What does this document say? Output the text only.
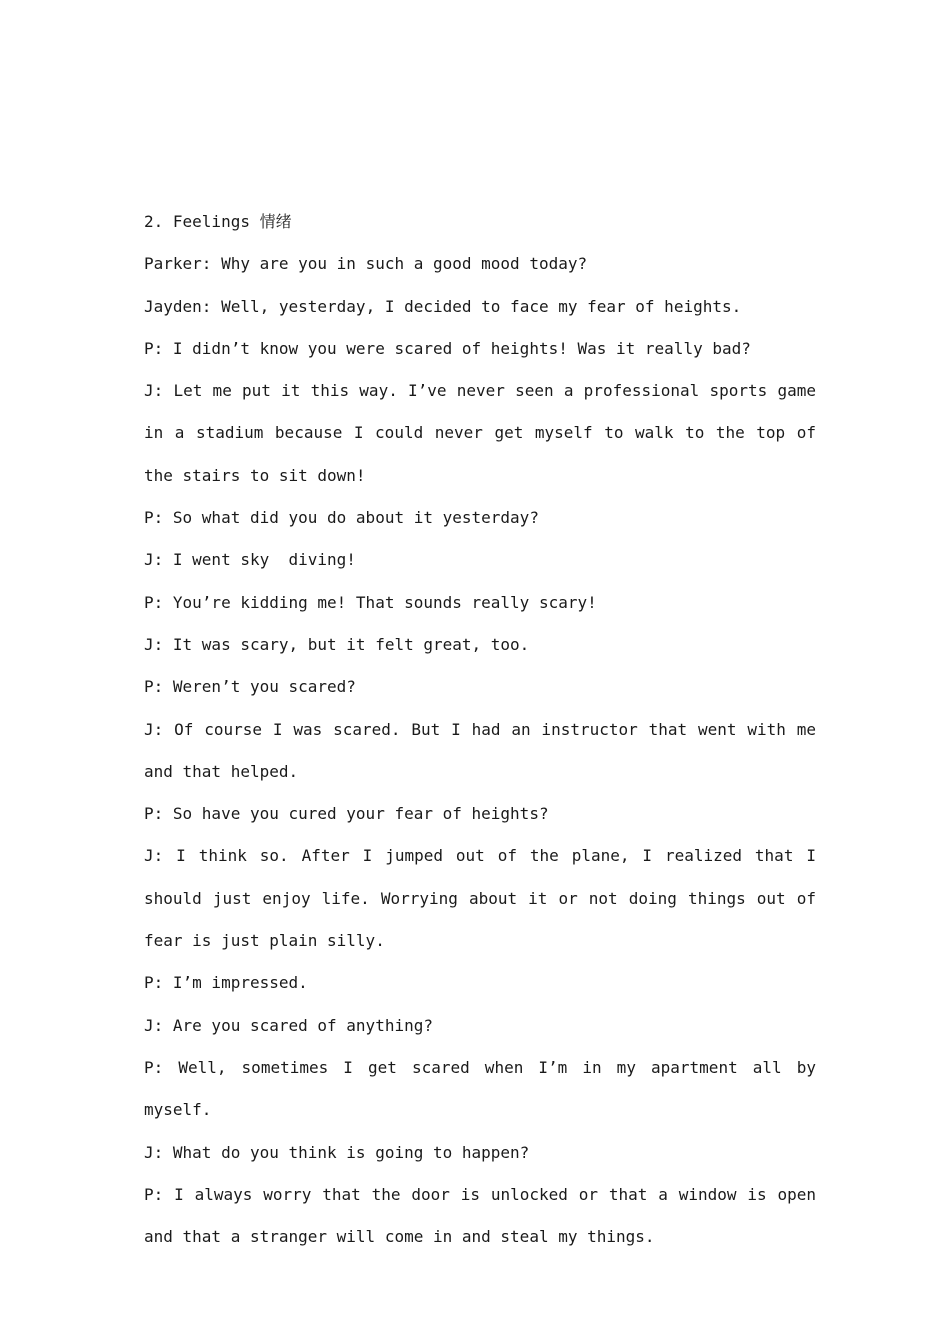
2. Feelings 情绪

Parker: Why are you in such a good mood today?

Jayden: Well, yesterday, I decided to face my fear of heights.

P: I didn’t know you were scared of heights! Was it really bad?

J: Let me put it this way. I’ve never seen a professional sports game in a stadium because I could never get myself to walk to the top of the stairs to sit down!

P: So what did you do about it yesterday?

J: I went sky  diving!

P: You’re kidding me! That sounds really scary!

J: It was scary, but it felt great, too.

P: Weren’t you scared?

J: Of course I was scared. But I had an instructor that went with me and that helped.

P: So have you cured your fear of heights?

J: I think so. After I jumped out of the plane, I realized that I should just enjoy life. Worrying about it or not doing things out of fear is just plain silly.

P: I’m impressed.

J: Are you scared of anything?

P: Well, sometimes I get scared when I’m in my apartment all by myself.

J: What do you think is going to happen?

P: I always worry that the door is unlocked or that a window is open and that a stranger will come in and steal my things.
